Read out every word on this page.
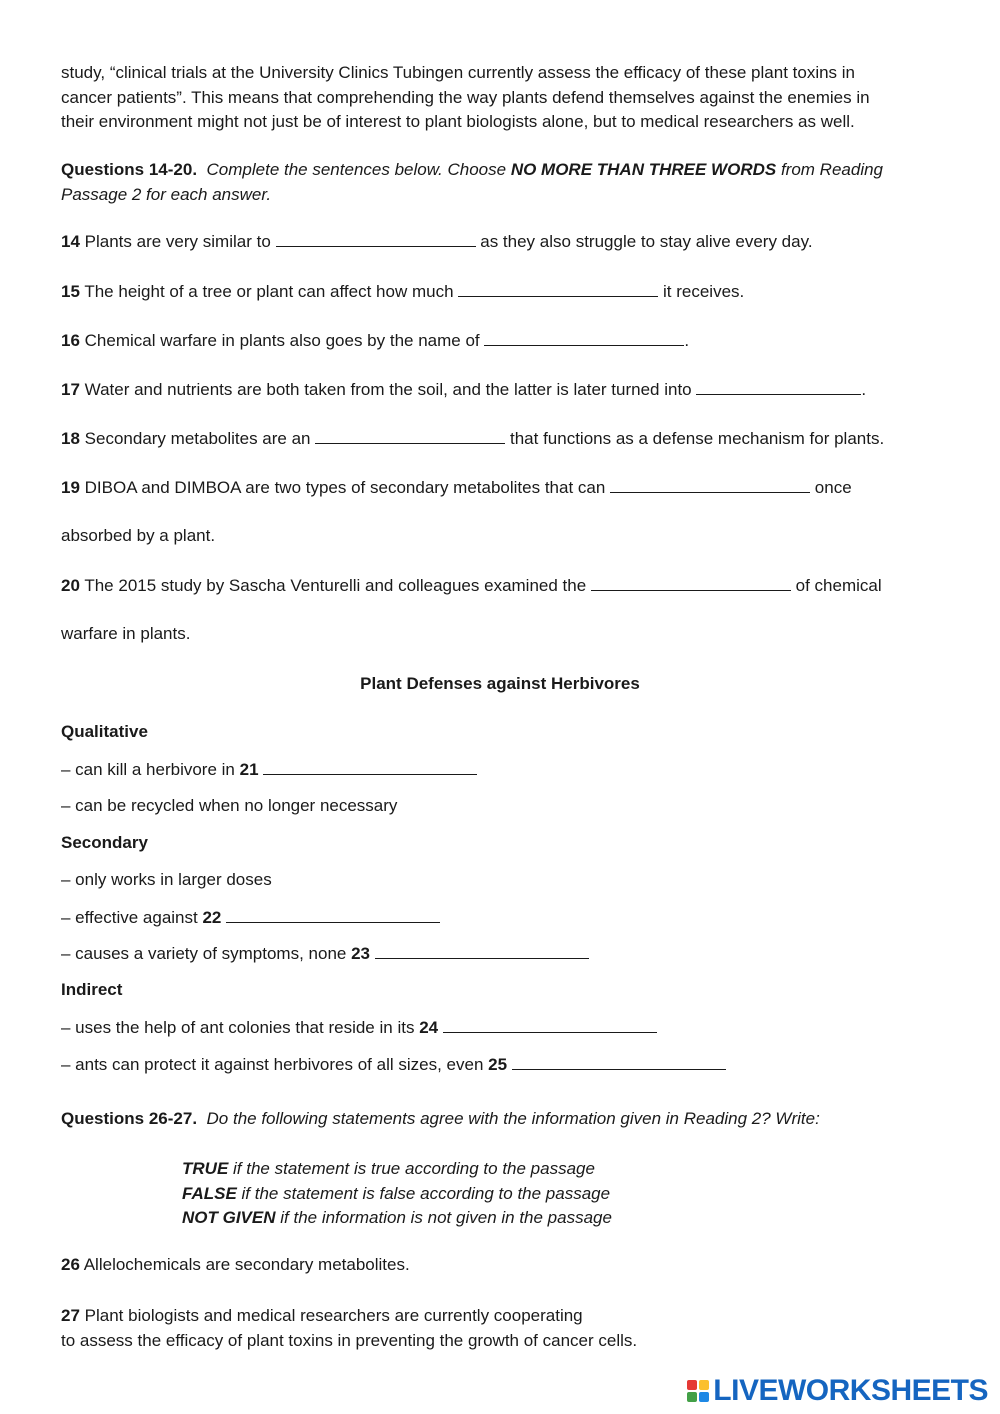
study, “clinical trials at the University Clinics Tubingen currently assess the efficacy of these plant toxins in
cancer patients”. This means that comprehending the way plants defend themselves against the enemies in
their environment might not just be of interest to plant biologists alone, but to medical researchers as well.
Questions 14-20. Complete the sentences below. Choose NO MORE THAN THREE WORDS from Reading
Passage 2 for each answer.
14 Plants are very similar to	as they also struggle to stay alive every day.
15 The height of a tree or plant can affect how much	it receives.
16 Chemical warfare in plants also goes by the name of	.
17 Water and nutrients are both taken from the soil, and the latter is later turned into	.
18 Secondary metabolites are an	that functions as a defense mechanism for plants.
19 DIBOA and DIMBOA are two types of secondary metabolites that can	once
absorbed by a plant.
20 The 2015 study by Sascha Venturelli and colleagues examined the	of chemical
warfare in plants.
Plant Defenses against Herbivores
Qualitative
– can kill a herbivore in 21
– can be recycled when no longer necessary
Secondary
– only works in larger doses
– effective against 22
– causes a variety of symptoms, none 23
Indirect
– uses the help of ant colonies that reside in its 24
– ants can protect it against herbivores of all sizes, even 25
Questions 26-27. Do the following statements agree with the information given in Reading 2? Write:
TRUE if the statement is true according to the passage
FALSE if the statement is false according to the passage
NOT GIVEN if the information is not given in the passage
26 Allelochemicals are secondary metabolites.
27 Plant biologists and medical researchers are currently cooperating
to assess the efficacy of plant toxins in preventing the growth of cancer cells.
LIVEWORKSHEETS
